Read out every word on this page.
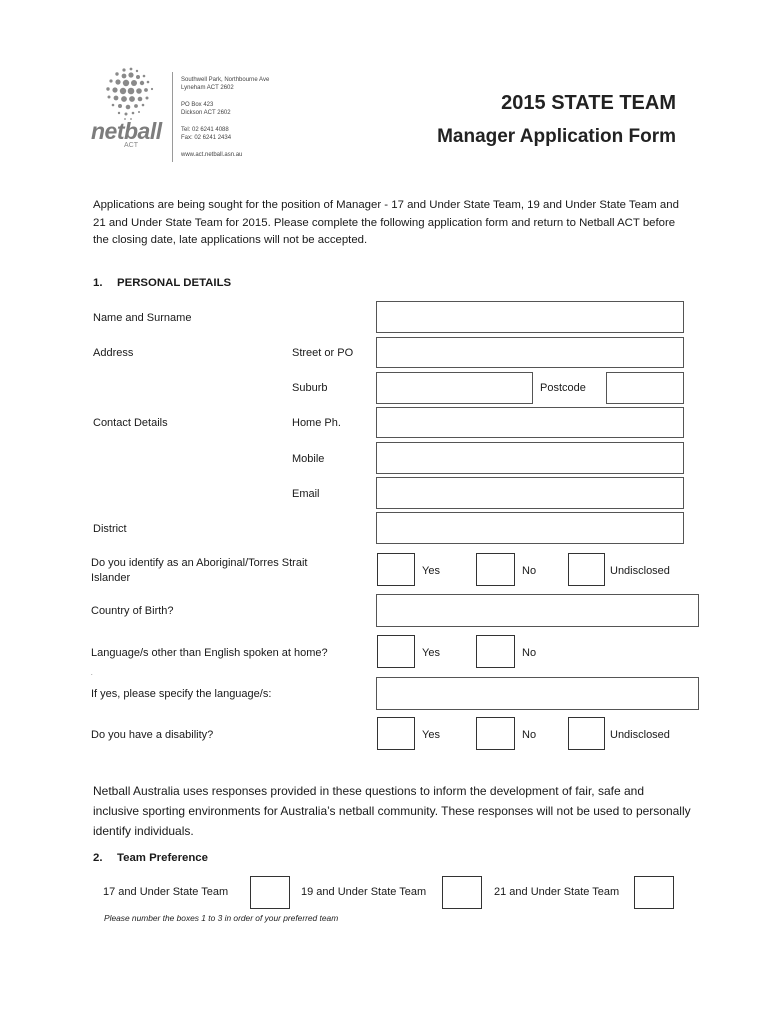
netball
ACT
Southwell Park, Northbourne Ave
Lyneham ACT 2602
PO Box 423
Dickson ACT 2602
Tel: 02 6241 4088
Fax: 02 6241 2434
www.act.netball.asn.au
2015 STATE TEAM
Manager Application Form
Applications are being sought for the position of Manager - 17 and Under State Team, 19 and Under State Team and 21 and Under State Team for 2015. Please complete the following application form and return to Netball ACT before the closing date, late applications will not be accepted.
1. PERSONAL DETAILS
Name and Surname
Address	Street or PO
Suburb	Postcode
Contact Details	Home Ph.
Mobile
Email
District
Do you identify as an Aboriginal/Torres Strait Islander
Yes	No	Undisclosed
Country of Birth?
Language/s other than English spoken at home?	Yes	No
.
If yes, please specify the language/s:
Do you have a disability?	Yes	No	Undisclosed
Netball Australia uses responses provided in these questions to inform the development of fair, safe and inclusive sporting environments for Australia’s netball community. These responses will not be used to personally identify individuals.
2. Team Preference
17 and Under State Team	19 and Under State Team	21 and Under State Team
Please number the boxes 1 to 3 in order of your preferred team
